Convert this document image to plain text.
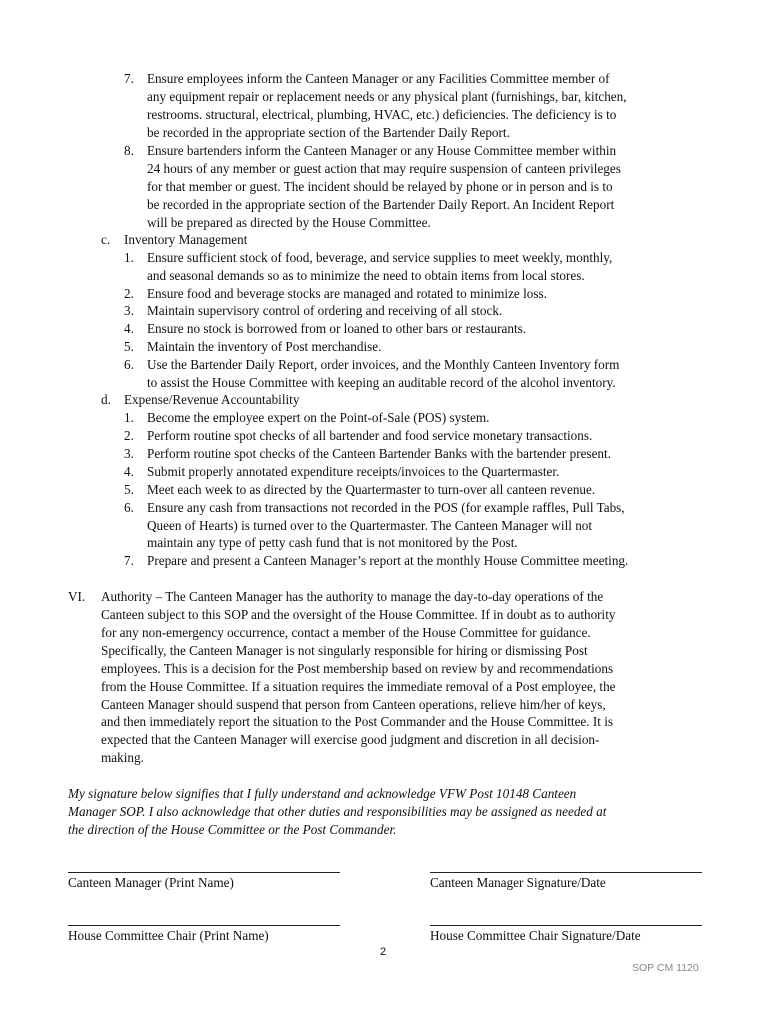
7. Ensure employees inform the Canteen Manager or any Facilities Committee member of
any equipment repair or replacement needs or any physical plant (furnishings, bar, kitchen,
restrooms. structural, electrical, plumbing, HVAC, etc.) deficiencies. The deficiency is to
be recorded in the appropriate section of the Bartender Daily Report.
8. Ensure bartenders inform the Canteen Manager or any House Committee member within
24 hours of any member or guest action that may require suspension of canteen privileges
for that member or guest. The incident should be relayed by phone or in person and is to
be recorded in the appropriate section of the Bartender Daily Report. An Incident Report
will be prepared as directed by the House Committee.
c. Inventory Management
1. Ensure sufficient stock of food, beverage, and service supplies to meet weekly, monthly,
and seasonal demands so as to minimize the need to obtain items from local stores.
2. Ensure food and beverage stocks are managed and rotated to minimize loss.
3. Maintain supervisory control of ordering and receiving of all stock.
4. Ensure no stock is borrowed from or loaned to other bars or restaurants.
5. Maintain the inventory of Post merchandise.
6. Use the Bartender Daily Report, order invoices, and the Monthly Canteen Inventory form
to assist the House Committee with keeping an auditable record of the alcohol inventory.
d. Expense/Revenue Accountability
1. Become the employee expert on the Point-of-Sale (POS) system.
2. Perform routine spot checks of all bartender and food service monetary transactions.
3. Perform routine spot checks of the Canteen Bartender Banks with the bartender present.
4. Submit properly annotated expenditure receipts/invoices to the Quartermaster.
5. Meet each week to as directed by the Quartermaster to turn-over all canteen revenue.
6. Ensure any cash from transactions not recorded in the POS (for example raffles, Pull Tabs,
Queen of Hearts) is turned over to the Quartermaster. The Canteen Manager will not
maintain any type of petty cash fund that is not monitored by the Post.
7. Prepare and present a Canteen Manager’s report at the monthly House Committee meeting.
VI. Authority – The Canteen Manager has the authority to manage the day-to-day operations of the
Canteen subject to this SOP and the oversight of the House Committee. If in doubt as to authority
for any non-emergency occurrence, contact a member of the House Committee for guidance.
Specifically, the Canteen Manager is not singularly responsible for hiring or dismissing Post
employees. This is a decision for the Post membership based on review by and recommendations
from the House Committee. If a situation requires the immediate removal of a Post employee, the
Canteen Manager should suspend that person from Canteen operations, relieve him/her of keys,
and then immediately report the situation to the Post Commander and the House Committee. It is
expected that the Canteen Manager will exercise good judgment and discretion in all decision-
making.
My signature below signifies that I fully understand and acknowledge VFW Post 10148 Canteen
Manager SOP. I also acknowledge that other duties and responsibilities may be assigned as needed at
the direction of the House Committee or the Post Commander.
Canteen Manager (Print Name)	Canteen Manager Signature/Date
House Committee Chair (Print Name)	House Committee Chair Signature/Date
2
SOP CM 1120
